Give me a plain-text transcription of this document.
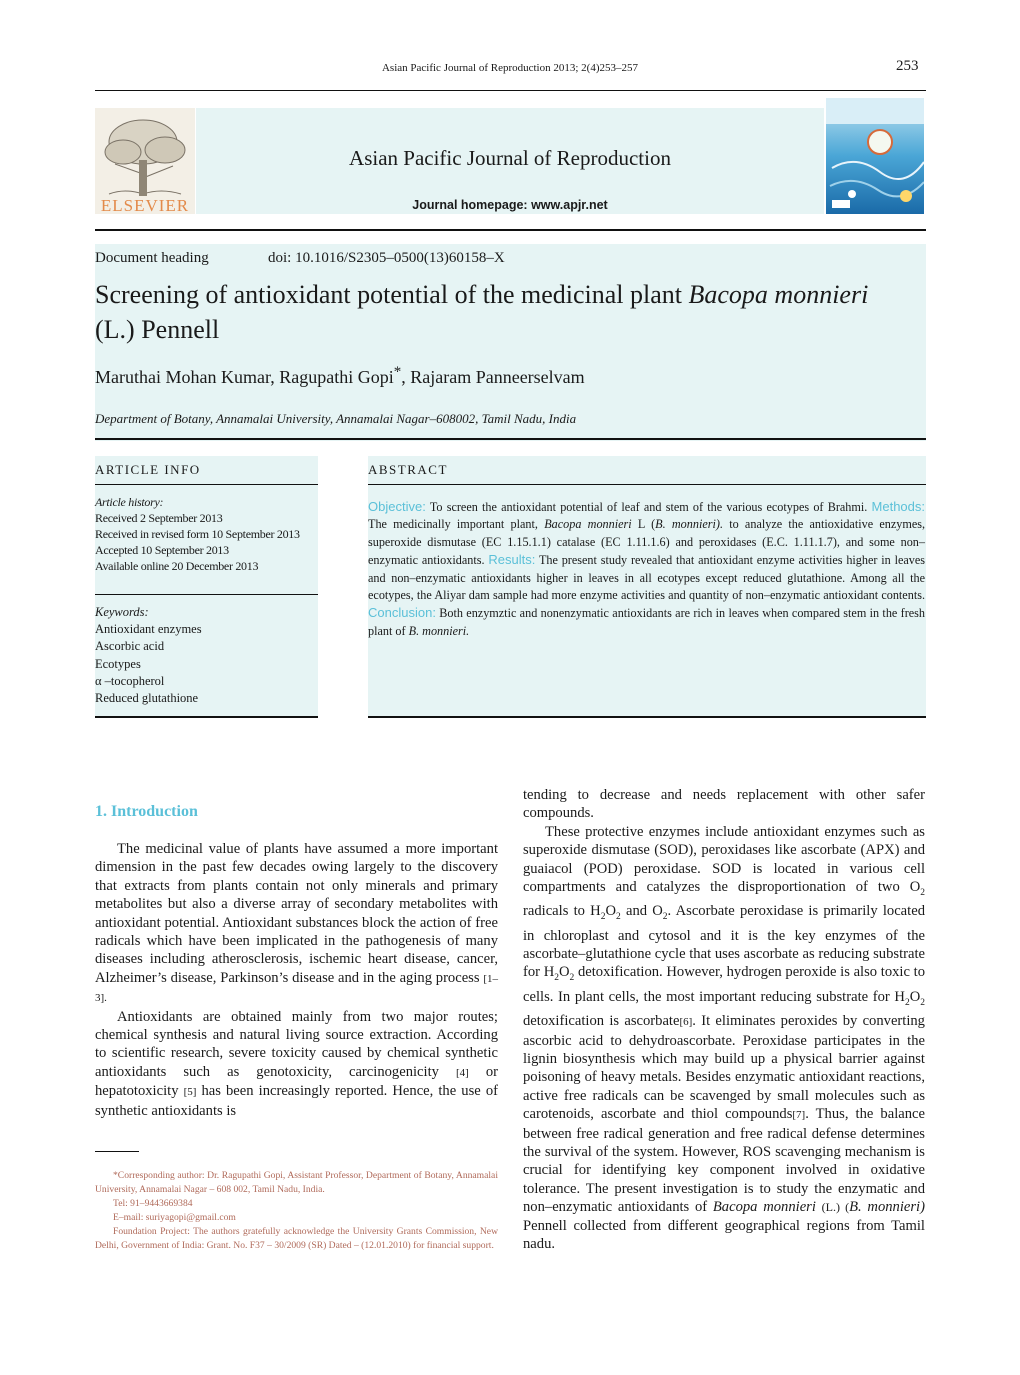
Asian Pacific Journal of Reproduction 2013; 2(4)253–257	253
ELSEVIER
Asian Pacific Journal of Reproduction
Journal homepage: www.apjr.net
Document heading	doi: 10.1016/S2305–0500(13)60158–X
Screening of antioxidant potential of the medicinal plant Bacopa monnieri
(L.) Pennell
Maruthai Mohan Kumar, Ragupathi Gopi*, Rajaram Panneerselvam
Department of Botany, Annamalai University, Annamalai Nagar–608002, Tamil Nadu, India
ARTICLE INFO
Article history:
Received 2 September 2013
Received in revised form 10 September 2013
Accepted 10 September 2013
Available online 20 December 2013
Keywords:
Antioxidant enzymes
Ascorbic acid
Ecotypes
α –tocopherol
Reduced glutathione
ABSTRACT
Objective: To screen the antioxidant potential of leaf and stem of the various ecotypes of Brahmi. Methods: The medicinally important plant, Bacopa monnieri L (B. monnieri). to analyze the antioxidative enzymes, superoxide dismutase (EC 1.15.1.1) catalase (EC 1.11.1.6) and peroxidases (E.C. 1.11.1.7), and some non–enzymatic antioxidants. Results: The present study revealed that antioxidant enzyme activities higher in leaves and non–enzymatic antioxidants higher in leaves in all ecotypes except reduced glutathione. Among all the ecotypes, the Aliyar dam sample had more enzyme activities and quantity of non–enzymatic antioxidant contents. Conclusion: Both enzymztic and nonenzymatic antioxidants are rich in leaves when compared stem in the fresh plant of B. monnieri.
1. Introduction

The medicinal value of plants have assumed a more important dimension in the past few decades owing largely to the discovery that extracts from plants contain not only minerals and primary metabolites but also a diverse array of secondary metabolites with antioxidant potential. Antioxidant substances block the action of free radicals which have been implicated in the pathogenesis of many diseases including atherosclerosis, ischemic heart disease, cancer, Alzheimer’s disease, Parkinson’s disease and in the aging process [1–3].

Antioxidants are obtained mainly from two major routes; chemical synthesis and natural living source extraction. According to scientific research, severe toxicity caused by chemical synthetic antioxidants such as genotoxicity, carcinogenicity [4] or hepatotoxicity [5] has been increasingly reported. Hence, the use of synthetic antioxidants is

*Corresponding author: Dr. Ragupathi Gopi, Assistant Professor, Department of Botany, Annamalai University, Annamalai Nagar – 608 002, Tamil Nadu, India.

Tel: 91–9443669384

E–mail: suriyagopi@gmail.com

Foundation Project: The authors gratefully acknowledge the University Grants Commission, New Delhi, Government of India: Grant. No. F37 – 30/2009 (SR) Dated – (12.01.2010) for financial support.

tending to decrease and needs replacement with other safer compounds.

These protective enzymes include antioxidant enzymes such as superoxide dismutase (SOD), peroxidases like ascorbate (APX) and guaiacol (POD) peroxidase. SOD is located in various cell compartments and catalyzes the disproportionation of two $O_2$ radicals to $H_2O_2$ and $O_2$. Ascorbate peroxidase is primarily located in chloroplast and cytosol and it is the key enzymes of the ascorbate–glutathione cycle that uses ascorbate as reducing substrate for $H_2O_2$ detoxification. However, hydrogen peroxide is also toxic to cells. In plant cells, the most important reducing substrate for $H_2O_2$ detoxification is ascorbate[6]. It eliminates peroxides by converting ascorbic acid to dehydroascorbate. Peroxidase participates in the lignin biosynthesis which may build up a physical barrier against poisoning of heavy metals. Besides enzymatic antioxidant reactions, active free radicals can be scavenged by small molecules such as carotenoids, ascorbate and thiol compounds[7]. Thus, the balance between free radical generation and free radical defense determines the survival of the system. However, ROS scavenging mechanism is crucial for identifying key component involved in oxidative tolerance. The present investigation is to study the enzymatic and non–enzymatic antioxidants of Bacopa monnieri (L.) (B. monnieri) Pennell collected from different geographical regions from Tamil nadu.
